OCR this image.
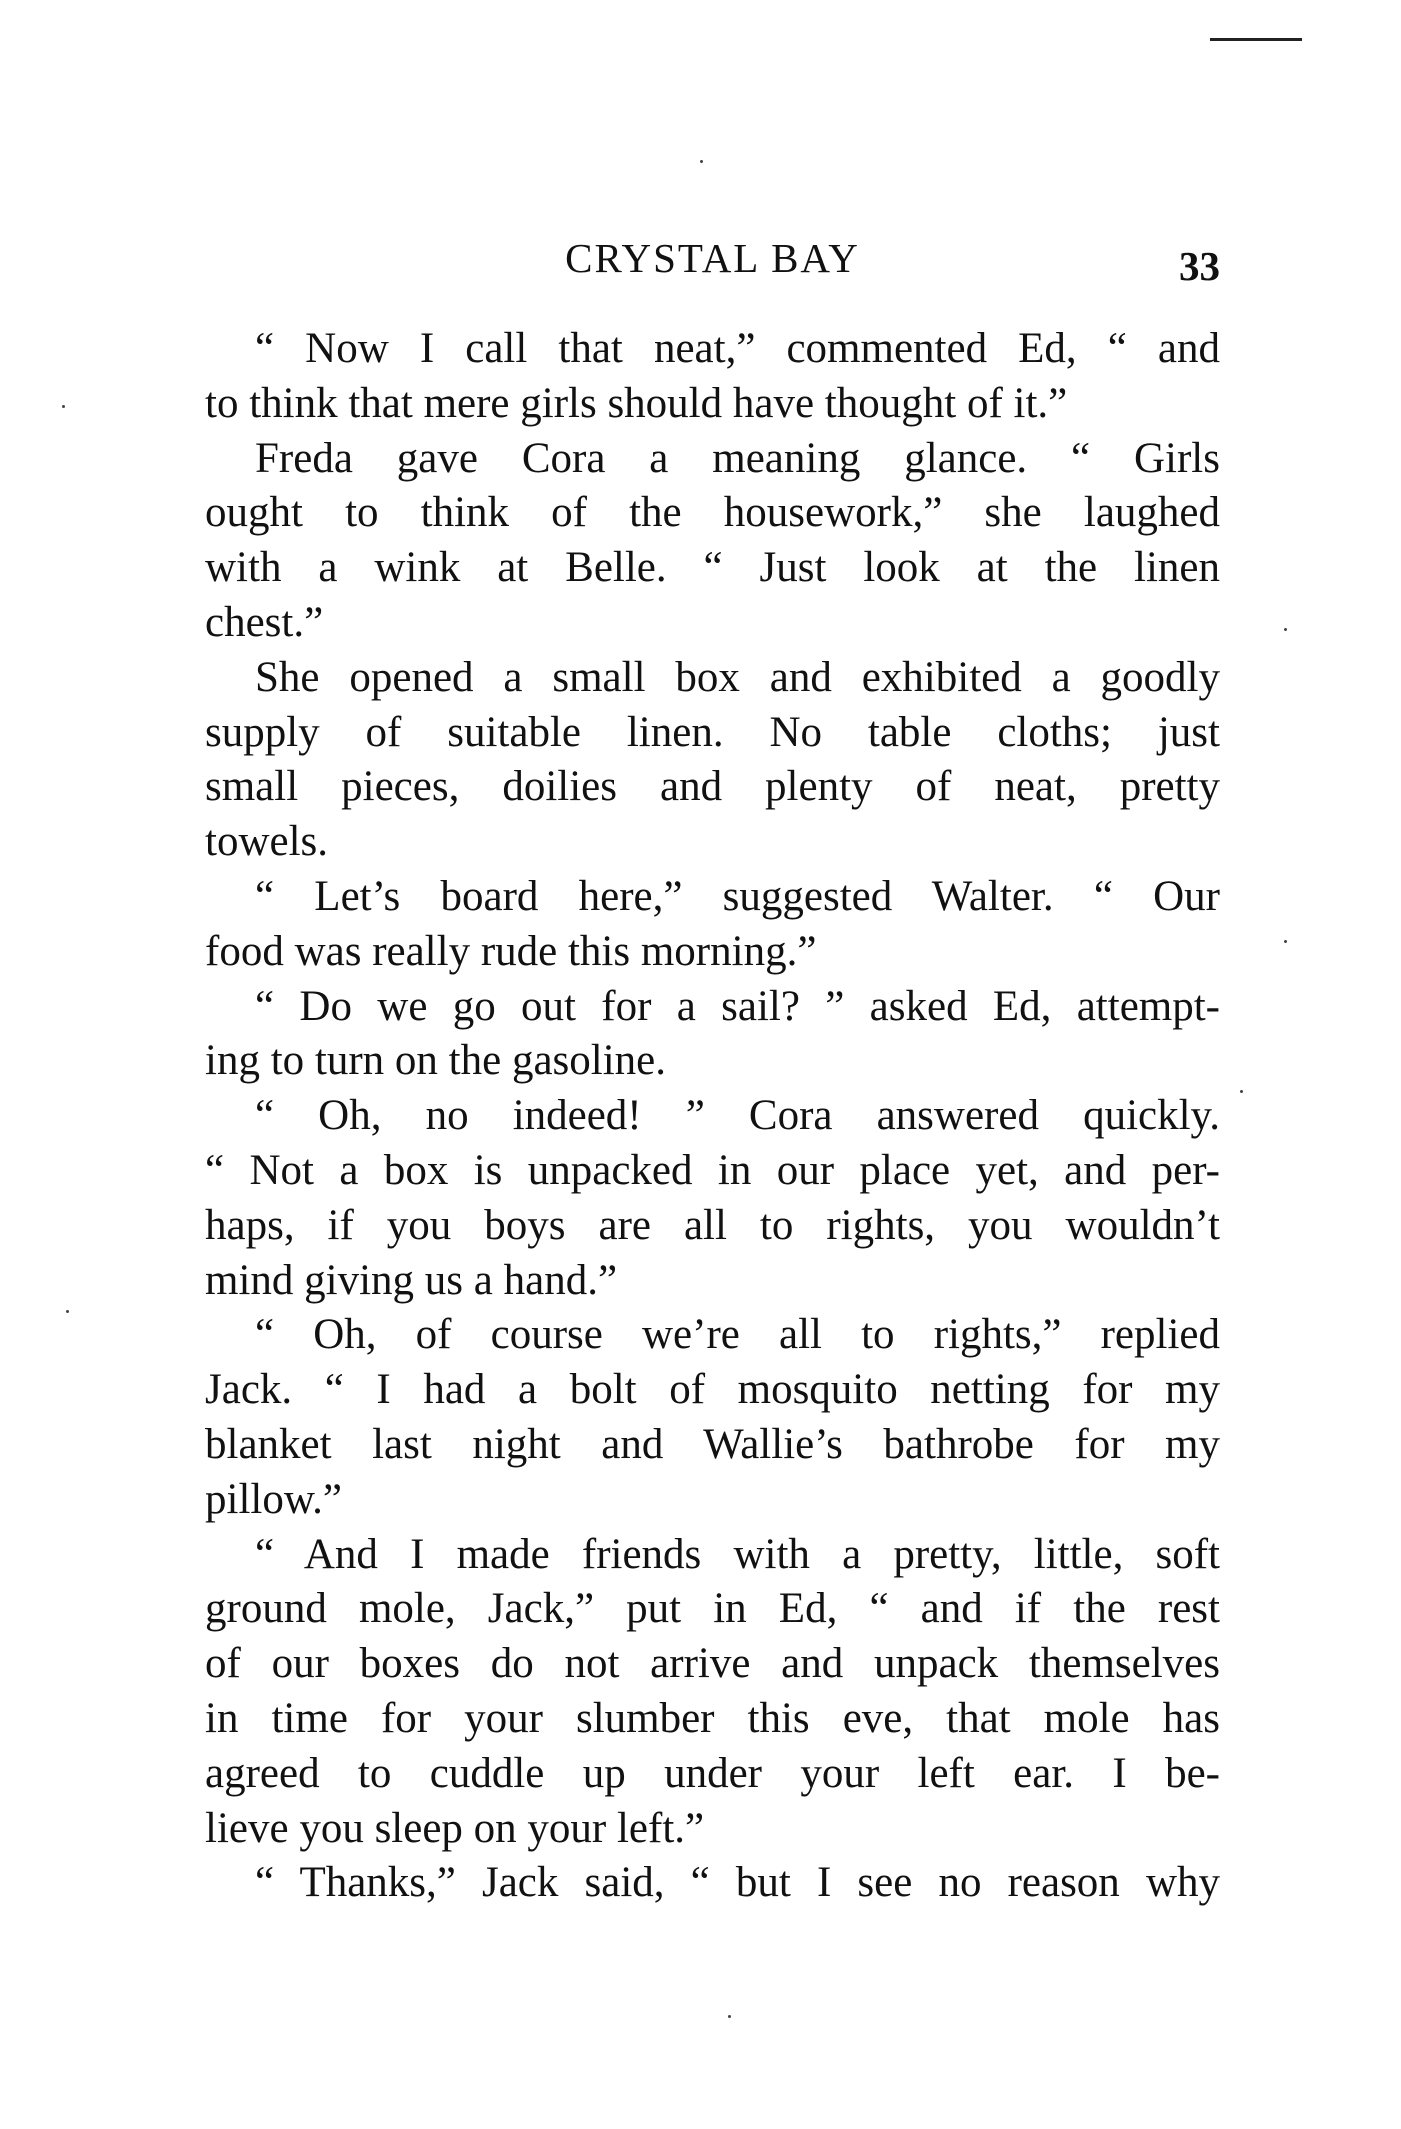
CRYSTAL BAY	33
“ Now I call that neat,” commented Ed, “ and
to think that mere girls should have thought of it.”
Freda gave Cora a meaning glance. “ Girls
ought to think of the housework,” she laughed
with a wink at Belle. “ Just look at the linen
chest.”
She opened a small box and exhibited a goodly
supply of suitable linen. No table cloths; just
small pieces, doilies and plenty of neat, pretty
towels.
“ Let’s board here,” suggested Walter. “ Our
food was really rude this morning.”
“ Do we go out for a sail? ” asked Ed, attempt-
ing to turn on the gasoline.
“ Oh, no indeed! ” Cora answered quickly.
“ Not a box is unpacked in our place yet, and per-
haps, if you boys are all to rights, you wouldn’t
mind giving us a hand.”
“ Oh, of course we’re all to rights,” replied
Jack. “ I had a bolt of mosquito netting for my
blanket last night and Wallie’s bathrobe for my
pillow.”
“ And I made friends with a pretty, little, soft
ground mole, Jack,” put in Ed, “ and if the rest
of our boxes do not arrive and unpack themselves
in time for your slumber this eve, that mole has
agreed to cuddle up under your left ear. I be-
lieve you sleep on your left.”
“ Thanks,” Jack said, “ but I see no reason why
